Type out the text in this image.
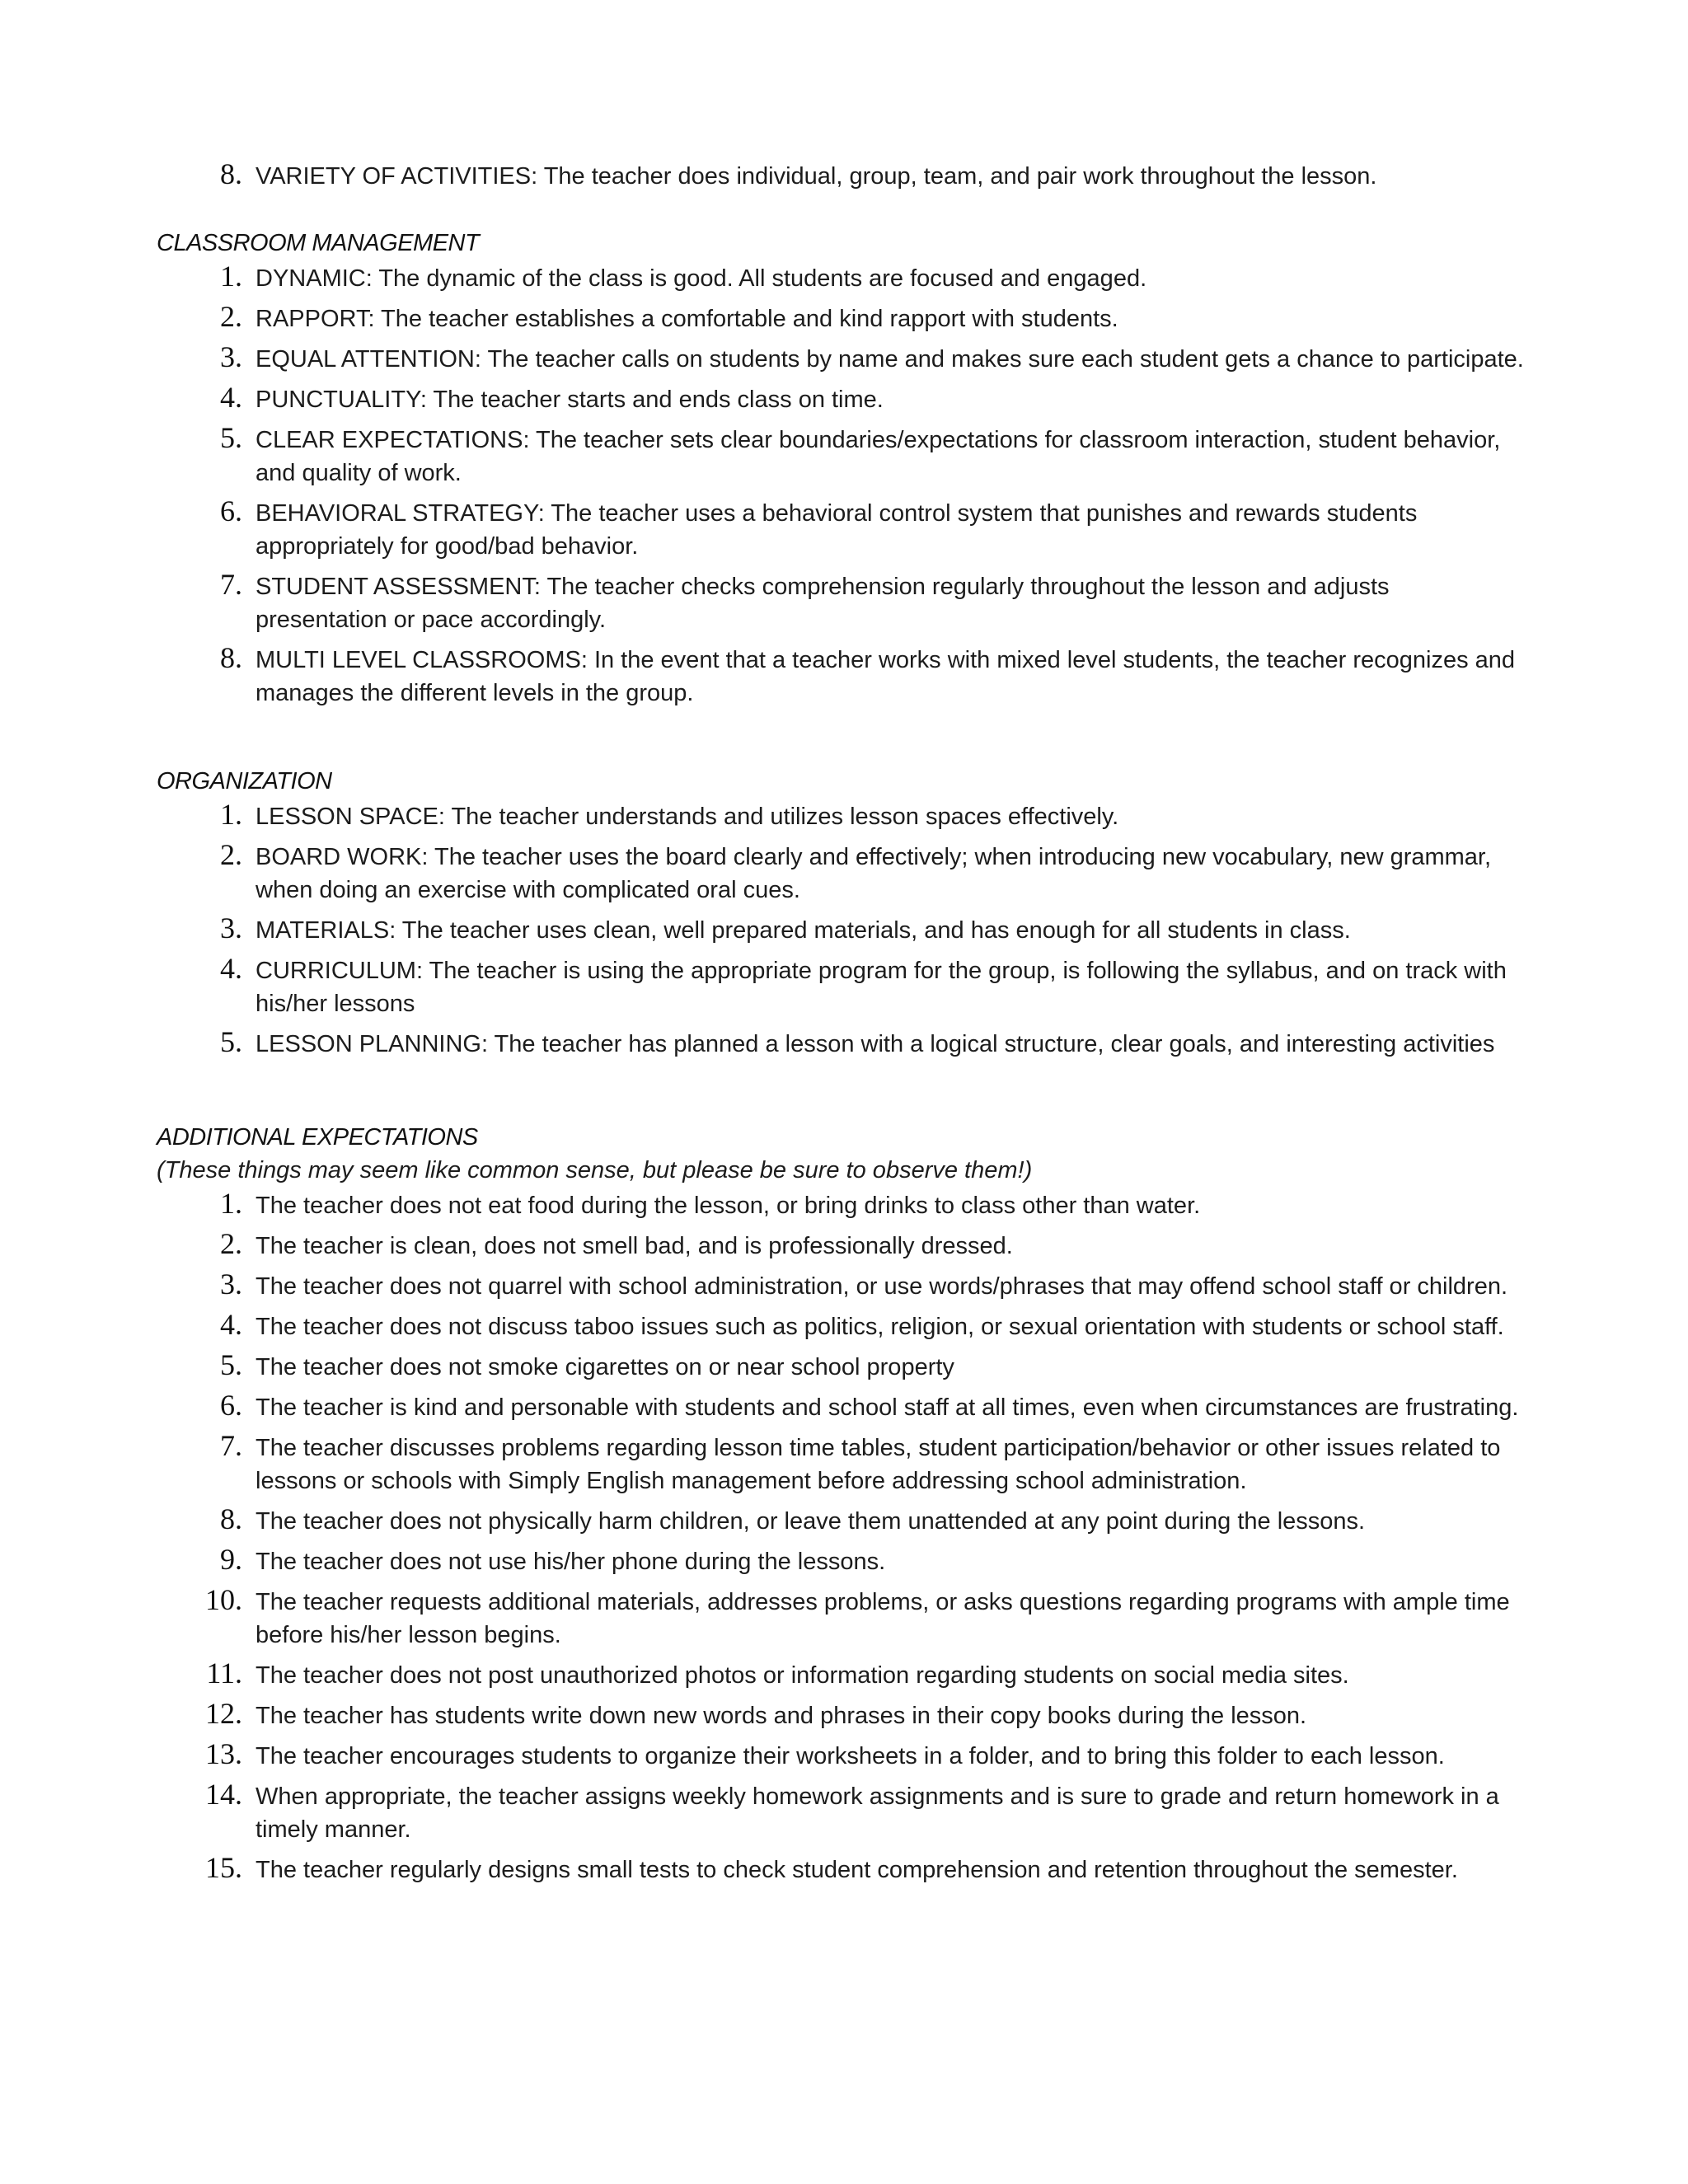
8. VARIETY OF ACTIVITIES: The teacher does individual, group, team, and pair work throughout the lesson.
CLASSROOM MANAGEMENT
1. DYNAMIC: The dynamic of the class is good. All students are focused and engaged.
2. RAPPORT: The teacher establishes a comfortable and kind rapport with students.
3. EQUAL ATTENTION: The teacher calls on students by name and makes sure each student gets a chance to participate.
4. PUNCTUALITY: The teacher starts and ends class on time.
5. CLEAR EXPECTATIONS: The teacher sets clear boundaries/expectations for classroom interaction, student behavior, and quality of work.
6. BEHAVIORAL STRATEGY: The teacher uses a behavioral control system that punishes and rewards students appropriately for good/bad behavior.
7. STUDENT ASSESSMENT: The teacher checks comprehension regularly throughout the lesson and adjusts presentation or pace accordingly.
8. MULTI LEVEL CLASSROOMS: In the event that a teacher works with mixed level students, the teacher recognizes and manages the different levels in the group.
ORGANIZATION
1. LESSON SPACE: The teacher understands and utilizes lesson spaces effectively.
2. BOARD WORK: The teacher uses the board clearly and effectively; when introducing new vocabulary, new grammar, when doing an exercise with complicated oral cues.
3. MATERIALS: The teacher uses clean, well prepared materials, and has enough for all students in class.
4. CURRICULUM: The teacher is using the appropriate program for the group, is following the syllabus, and on track with his/her lessons
5. LESSON PLANNING: The teacher has planned a lesson with a logical structure, clear goals, and interesting activities
ADDITIONAL EXPECTATIONS
(These things may seem like common sense, but please be sure to observe them!)
1. The teacher does not eat food during the lesson, or bring drinks to class other than water.
2. The teacher is clean, does not smell bad, and is professionally dressed.
3. The teacher does not quarrel with school administration, or use words/phrases that may offend school staff or children.
4. The teacher does not discuss taboo issues such as politics, religion, or sexual orientation with students or school staff.
5. The teacher does not smoke cigarettes on or near school property
6. The teacher is kind and personable with students and school staff at all times, even when circumstances are frustrating.
7. The teacher discusses problems regarding lesson time tables, student participation/behavior or other issues related to lessons or schools with Simply English management before addressing school administration.
8. The teacher does not physically harm children, or leave them unattended at any point during the lessons.
9. The teacher does not use his/her phone during the lessons.
10. The teacher requests additional materials, addresses problems, or asks questions regarding programs with ample time before his/her lesson begins.
11. The teacher does not post unauthorized photos or information regarding students on social media sites.
12. The teacher has students write down new words and phrases in their copy books during the lesson.
13. The teacher encourages students to organize their worksheets in a folder, and to bring this folder to each lesson.
14. When appropriate, the teacher assigns weekly homework assignments and is sure to grade and return homework in a timely manner.
15. The teacher regularly designs small tests to check student comprehension and retention throughout the semester.
